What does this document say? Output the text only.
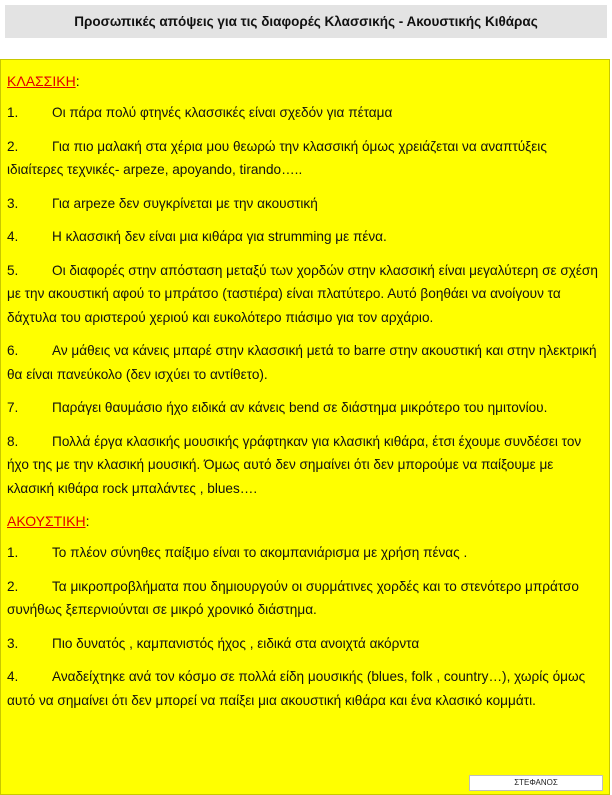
Προσωπικές απόψεις για τις διαφορές Κλασσικής - Ακουστικής Κιθάρας
ΚΛΑΣΣΙΚΗ:
1. Οι πάρα πολύ φτηνές κλασσικές είναι σχεδόν για πέταμα
2. Για πιο μαλακή στα χέρια μου θεωρώ την κλασσική όμως χρειάζεται να αναπτύξεις ιδιαίτερες τεχνικές- arpeze, apoyando, tirando…..
3. Για arpeze δεν συγκρίνεται με την ακουστική
4. Η κλασσική δεν είναι μια κιθάρα για strumming με πένα.
5. Οι διαφορές στην απόσταση μεταξύ των χορδών στην κλασσική είναι μεγαλύτερη σε σχέση με την ακουστική αφού το μπράτσο (ταστιέρα) είναι πλατύτερο. Αυτό βοηθάει να ανοίγουν τα δάχτυλα του αριστερού χεριού και ευκολότερο πιάσιμο για τον αρχάριο.
6. Αν μάθεις να κάνεις μπαρέ στην κλασσική μετά το barre στην ακουστική και στην ηλεκτρική θα είναι πανεύκολο (δεν ισχύει το αντίθετο).
7. Παράγει θαυμάσιο ήχο ειδικά αν κάνεις bend σε διάστημα μικρότερο του ημιτονίου.
8. Πολλά έργα κλασικής μουσικής γράφτηκαν για κλασική κιθάρα, έτσι έχουμε συνδέσει τον ήχο της με την κλασική μουσική. Όμως αυτό δεν σημαίνει ότι δεν μπορούμε να παίξουμε με κλασική κιθάρα rock μπαλάντες , blues….
ΑΚΟΥΣΤΙΚΗ:
1. Το πλέον σύνηθες παίξιμο είναι το ακομπανιάρισμα με χρήση πένας .
2. Τα μικροπροβλήματα που δημιουργούν οι συρμάτινες χορδές και το στενότερο μπράτσο συνήθως ξεπερνιούνται σε μικρό χρονικό διάστημα.
3. Πιο δυνατός , καμπανιστός ήχος , ειδικά στα ανοιχτά ακόρντα
4. Αναδείχτηκε ανά τον κόσμο σε πολλά είδη μουσικής (blues, folk , country…), χωρίς όμως αυτό να σημαίνει ότι δεν μπορεί να παίξει μια ακουστική κιθάρα και ένα κλασικό κομμάτι.
ΣΤΕΦΑΝΟΣ
